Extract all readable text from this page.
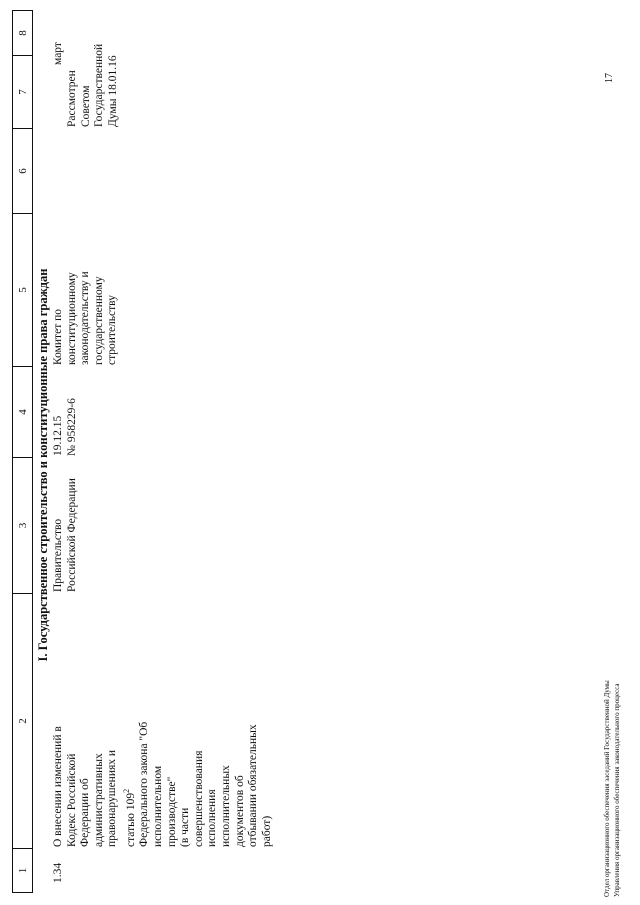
1
2
3
4
5
6
7
8
I. Государственное строительство и конституционные права граждан
1.34
О внесении изменений в Кодекс Российской Федерации об административных правонарушениях и статью $109^2$ Федерального закона "Об исполнительном производстве" (в части совершенствования исполнения исполнительных документов об отбывании обязательных работ)
Правительство Российской Федерации
19.12.15 № 958229-6
Комитет по конституционному законодательству и государственному строительству
Рассмотрен Советом Государственной Думы 18.01.16
март
Отдел организационного обеспечения заседаний Государственной Думы Управления организационного обеспечения законодательного процесса
17
